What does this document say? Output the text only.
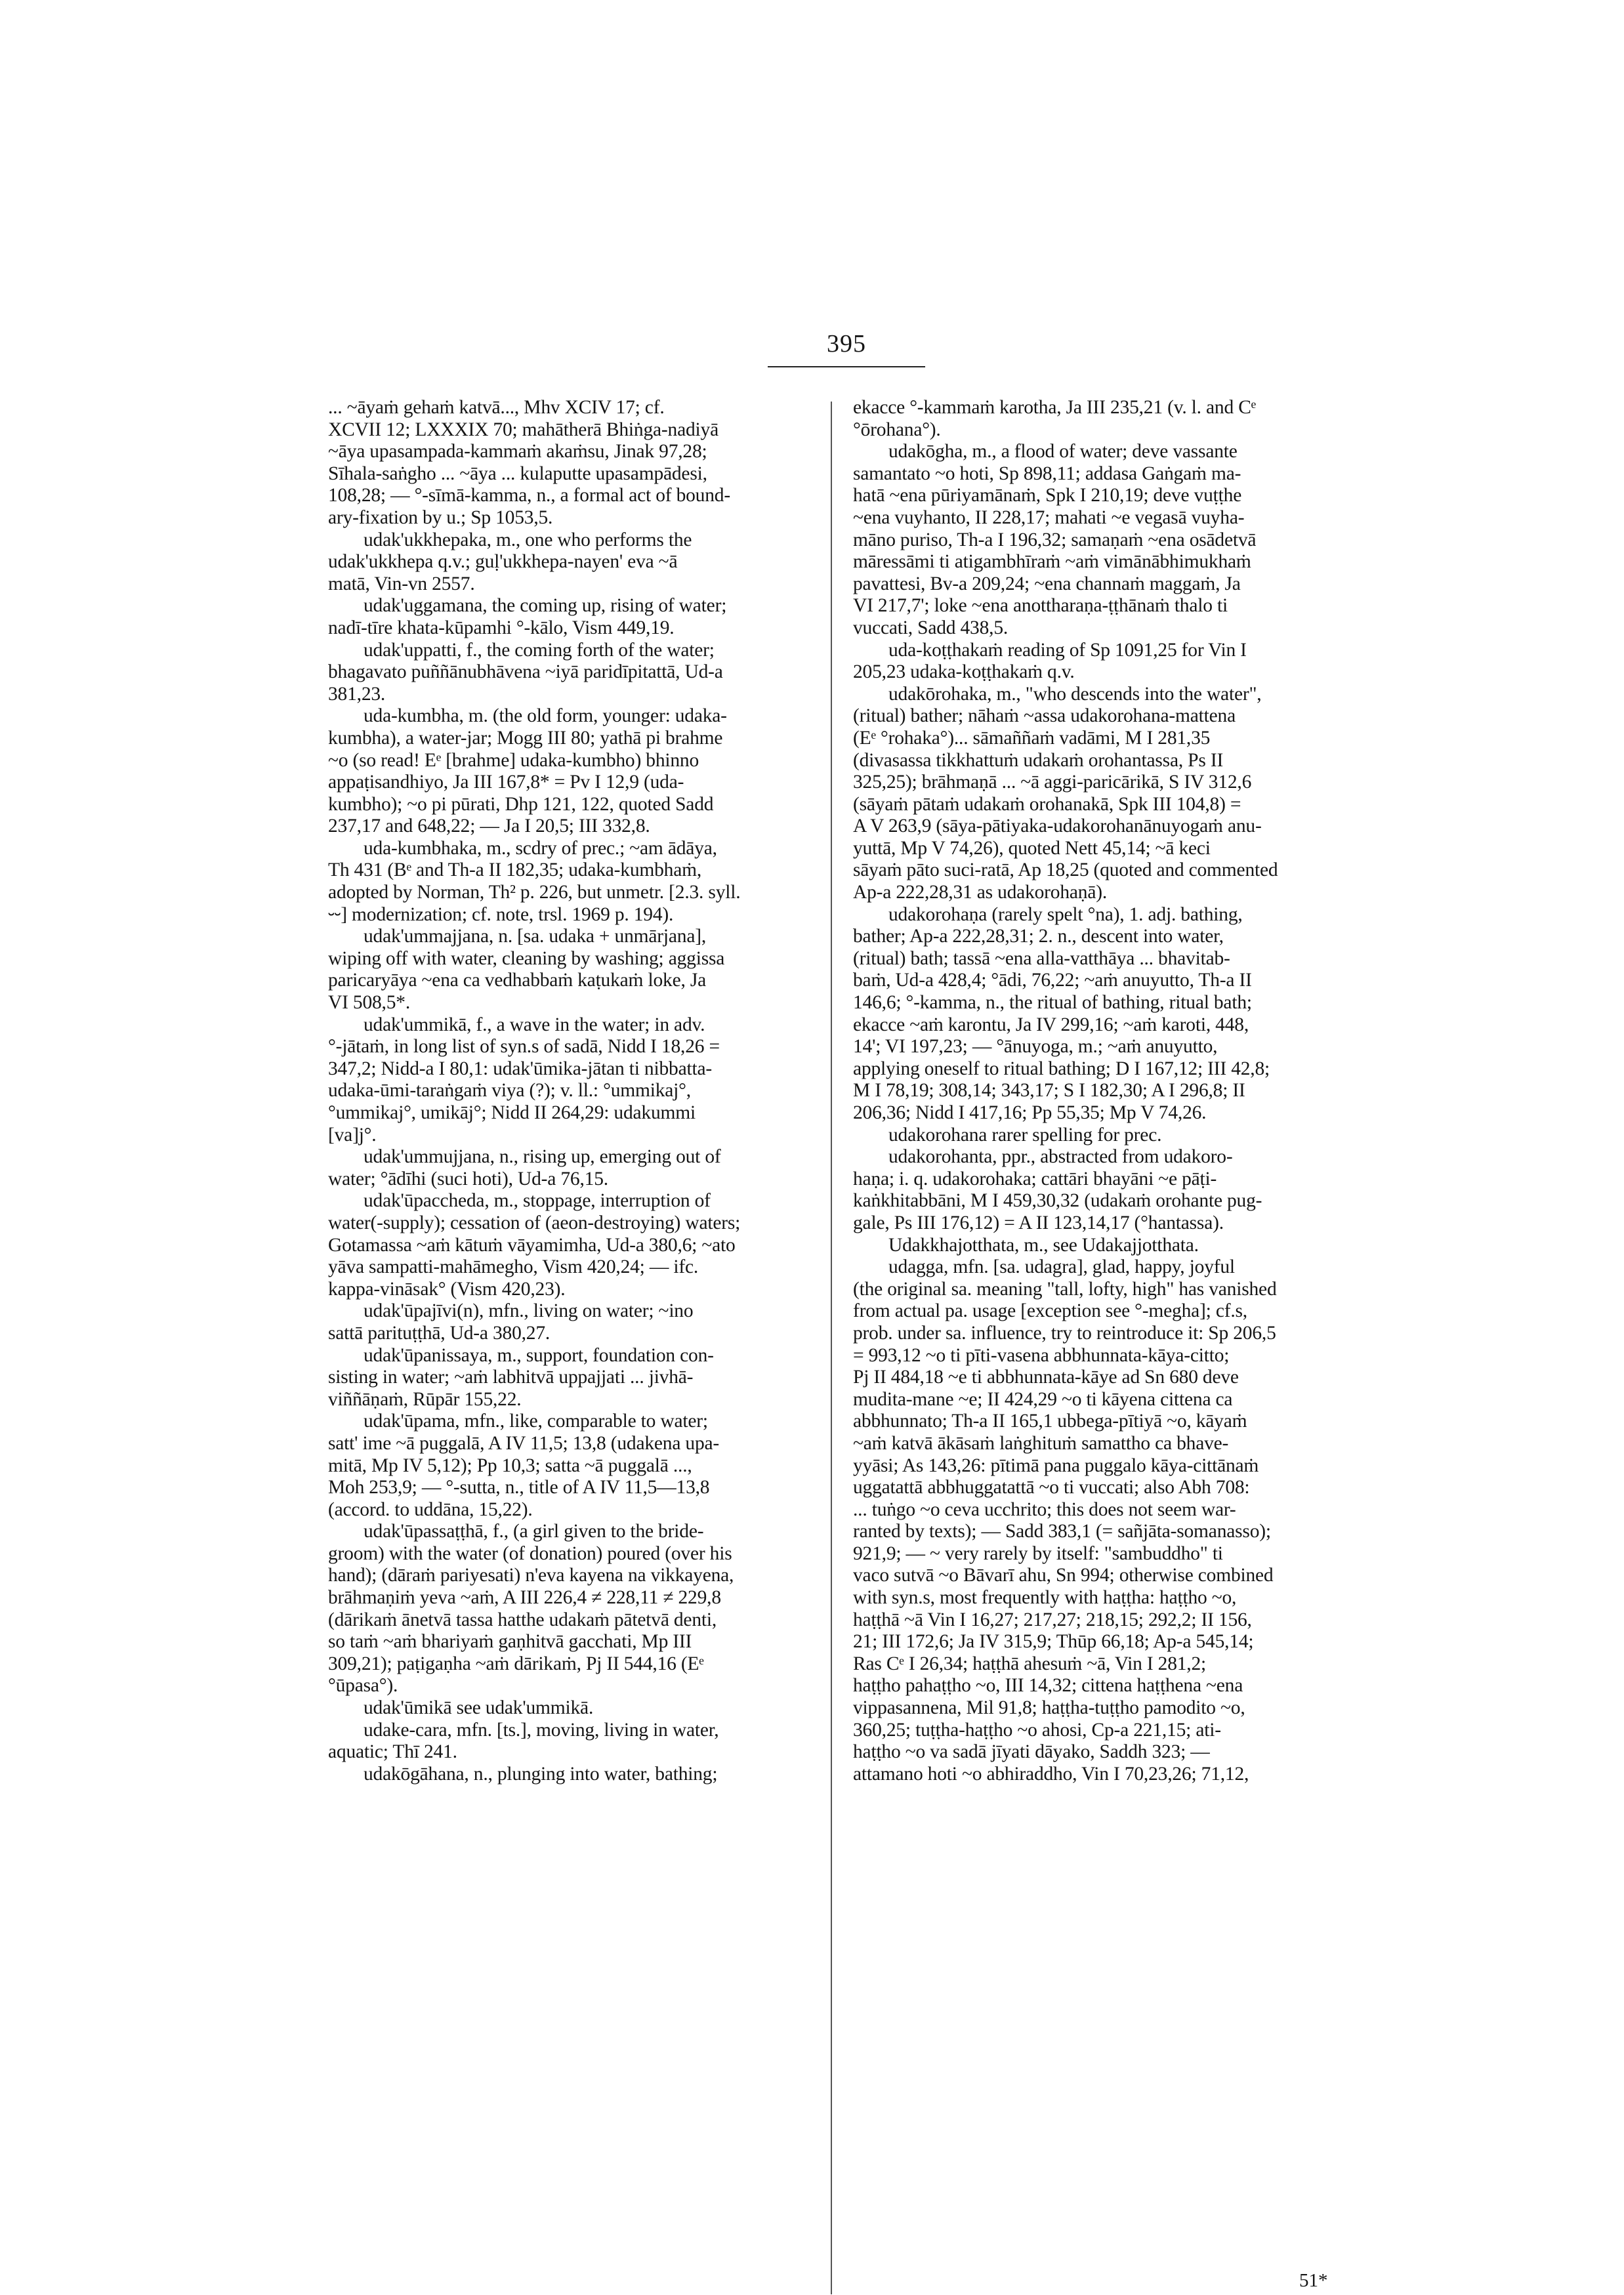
395
... ~āyaṁ gehaṁ katvā..., Mhv XCIV 17; cf.
XCVII 12; LXXXIX 70; mahātherā Bhiṅga-nadiyā
~āya upasampada-kammaṁ akaṁsu, Jinak 97,28;
Sīhala-saṅgho ... ~āya ... kulaputte upasampādesi,
108,28; — °-sīmā-kamma, n., a formal act of bound-
ary-fixation by u.; Sp 1053,5.
udak'ukkhepaka, m., one who performs the
udak'ukkhepa q.v.; guḷ'ukkhepa-nayen' eva ~ā
matā, Vin-vn 2557.
udak'uggamana, the coming up, rising of water;
nadī-tīre khata-kūpamhi °-kālo, Vism 449,19.
udak'uppatti, f., the coming forth of the water;
bhagavato puññānubhāvena ~iyā paridīpitattā, Ud-a
381,23.
uda-kumbha, m. (the old form, younger: udaka-
kumbha), a water-jar; Mogg III 80; yathā pi brahme
~o (so read! Eᵉ [brahme] udaka-kumbho) bhinno
appaṭisandhiyo, Ja III 167,8* = Pv I 12,9 (uda-
kumbho); ~o pi pūrati, Dhp 121, 122, quoted Sadd
237,17 and 648,22; — Ja I 20,5; III 332,8.
uda-kumbhaka, m., scdry of prec.; ~am ādāya,
Th 431 (Bᵉ and Th-a II 182,35; udaka-kumbhaṁ,
adopted by Norman, Th² p. 226, but unmetr. [2.3. syll.
⏑⏑] modernization; cf. note, trsl. 1969 p. 194).
udak'ummajjana, n. [sa. udaka + unmārjana],
wiping off with water, cleaning by washing; aggissa
paricaryāya ~ena ca vedhabbaṁ kaṭukaṁ loke, Ja
VI 508,5*.
udak'ummikā, f., a wave in the water; in adv.
°-jātaṁ, in long list of syn.s of sadā, Nidd I 18,26 =
347,2; Nidd-a I 80,1: udak'ūmika-jātan ti nibbatta-
udaka-ūmi-taraṅgaṁ viya (?); v. ll.: °ummikaj°,
°ummikaj°, umikāj°; Nidd II 264,29: udakummi
[va]j°.
udak'ummujjana, n., rising up, emerging out of
water; °ādīhi (suci hoti), Ud-a 76,15.
udak'ūpaccheda, m., stoppage, interruption of
water(-supply); cessation of (aeon-destroying) waters;
Gotamassa ~aṁ kātuṁ vāyamimha, Ud-a 380,6; ~ato
yāva sampatti-mahāmegho, Vism 420,24; — ifc.
kappa-vināsak° (Vism 420,23).
udak'ūpajīvi(n), mfn., living on water; ~ino
sattā parituṭṭhā, Ud-a 380,27.
udak'ūpanissaya, m., support, foundation con-
sisting in water; ~aṁ labhitvā uppajjati ... jivhā-
viññāṇaṁ, Rūpār 155,22.
udak'ūpama, mfn., like, comparable to water;
satt' ime ~ā puggalā, A IV 11,5; 13,8 (udakena upa-
mitā, Mp IV 5,12); Pp 10,3; satta ~ā puggalā ...,
Moh 253,9; — °-sutta, n., title of A IV 11,5—13,8
(accord. to uddāna, 15,22).
udak'ūpassaṭṭhā, f., (a girl given to the bride-
groom) with the water (of donation) poured (over his
hand); (dāraṁ pariyesati) n'eva kayena na vikkayena,
brāhmaṇiṁ yeva ~aṁ, A III 226,4 ≠ 228,11 ≠ 229,8
(dārikaṁ ānetvā tassa hatthe udakaṁ pātetvā denti,
so taṁ ~aṁ bhariyaṁ gaṇhitvā gacchati, Mp III
309,21); paṭigaṇha ~aṁ dārikaṁ, Pj II 544,16 (Eᵉ
°ūpasa°).
udak'ūmikā see udak'ummikā.
udake-cara, mfn. [ts.], moving, living in water,
aquatic; Thī 241.
udakōgāhana, n., plunging into water, bathing;
ekacce °-kammaṁ karotha, Ja III 235,21 (v. l. and Cᵉ
°ōrohana°).
udakōgha, m., a flood of water; deve vassante
samantato ~o hoti, Sp 898,11; addasa Gaṅgaṁ ma-
hatā ~ena pūriyamānaṁ, Spk I 210,19; deve vuṭṭhe
~ena vuyhanto, II 228,17; mahati ~e vegasā vuyha-
māno puriso, Th-a I 196,32; samaṇaṁ ~ena osādetvā
māressāmi ti atigambhīraṁ ~aṁ vimānābhimukhaṁ
pavattesi, Bv-a 209,24; ~ena channaṁ maggaṁ, Ja
VI 217,7'; loke ~ena anottharaṇa-ṭṭhānaṁ thalo ti
vuccati, Sadd 438,5.
uda-koṭṭhakaṁ reading of Sp 1091,25 for Vin I
205,23 udaka-koṭṭhakaṁ q.v.
udakōrohaka, m., "who descends into the water",
(ritual) bather; nāhaṁ ~assa udakorohana-mattena
(Eᵉ °rohaka°)... sāmaññaṁ vadāmi, M I 281,35
(divasassa tikkhattuṁ udakaṁ orohantassa, Ps II
325,25); brāhmaṇā ... ~ā aggi-paricārikā, S IV 312,6
(sāyaṁ pātaṁ udakaṁ orohanakā, Spk III 104,8) =
A V 263,9 (sāya-pātiyaka-udakorohanānuyogaṁ anu-
yuttā, Mp V 74,26), quoted Nett 45,14; ~ā keci
sāyaṁ pāto suci-ratā, Ap 18,25 (quoted and commented
Ap-a 222,28,31 as udakorohaṇā).
udakorohaṇa (rarely spelt °na), 1. adj. bathing,
bather; Ap-a 222,28,31; 2. n., descent into water,
(ritual) bath; tassā ~ena alla-vatthāya ... bhavitab-
baṁ, Ud-a 428,4; °ādi, 76,22; ~aṁ anuyutto, Th-a II
146,6; °-kamma, n., the ritual of bathing, ritual bath;
ekacce ~aṁ karontu, Ja IV 299,16; ~aṁ karoti, 448,
14'; VI 197,23; — °ānuyoga, m.; ~aṁ anuyutto,
applying oneself to ritual bathing; D I 167,12; III 42,8;
M I 78,19; 308,14; 343,17; S I 182,30; A I 296,8; II
206,36; Nidd I 417,16; Pp 55,35; Mp V 74,26.
udakorohana rarer spelling for prec.
udakorohanta, ppr., abstracted from udakoro-
haṇa; i. q. udakorohaka; cattāri bhayāni ~e pāṭi-
kaṅkhitabbāni, M I 459,30,32 (udakaṁ orohante pug-
gale, Ps III 176,12) = A II 123,14,17 (°hantassa).
Udakkhajotthata, m., see Udakajjotthata.
udagga, mfn. [sa. udagra], glad, happy, joyful
(the original sa. meaning "tall, lofty, high" has vanished
from actual pa. usage [exception see °-megha]; cf.s,
prob. under sa. influence, try to reintroduce it: Sp 206,5
= 993,12 ~o ti pīti-vasena abbhunnata-kāya-citto;
Pj II 484,18 ~e ti abbhunnata-kāye ad Sn 680 deve
mudita-mane ~e; II 424,29 ~o ti kāyena cittena ca
abbhunnato; Th-a II 165,1 ubbega-pītiyā ~o, kāyaṁ
~aṁ katvā ākāsaṁ laṅghituṁ samattho ca bhave-
yyāsi; As 143,26: pītimā pana puggalo kāya-cittānaṁ
uggatattā abbhuggatattā ~o ti vuccati; also Abh 708:
... tuṅgo ~o ceva ucchrito; this does not seem war-
ranted by texts); — Sadd 383,1 (= sañjāta-somanasso);
921,9; — ~ very rarely by itself: "sambuddho" ti
vaco sutvā ~o Bāvarī ahu, Sn 994; otherwise combined
with syn.s, most frequently with haṭṭha: haṭṭho ~o,
haṭṭhā ~ā Vin I 16,27; 217,27; 218,15; 292,2; II 156,
21; III 172,6; Ja IV 315,9; Thūp 66,18; Ap-a 545,14;
Ras Cᵉ I 26,34; haṭṭhā ahesuṁ ~ā, Vin I 281,2;
haṭṭho pahaṭṭho ~o, III 14,32; cittena haṭṭhena ~ena
vippasannena, Mil 91,8; haṭṭha-tuṭṭho pamodito ~o,
360,25; tuṭṭha-haṭṭho ~o ahosi, Cp-a 221,15; ati-
haṭṭho ~o va sadā jīyati dāyako, Saddh 323; —
attamano hoti ~o abhiraddho, Vin I 70,23,26; 71,12,
51*
